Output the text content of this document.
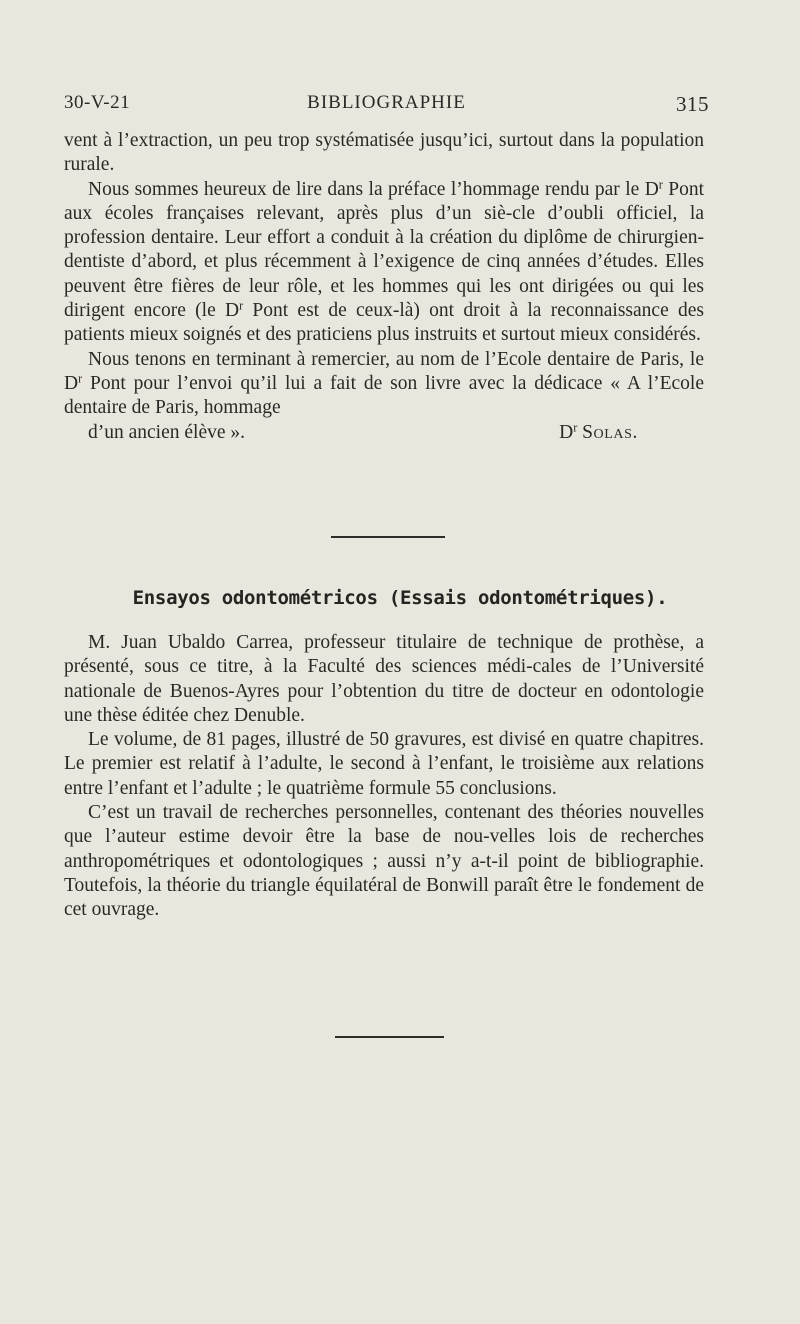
30-V-21	BIBLIOGRAPHIE	315

vent à l’extraction, un peu trop systématisée jusqu’ici, surtout dans la population rurale.

Nous sommes heureux de lire dans la préface l’hommage rendu par le $D^r$ Pont aux écoles françaises relevant, après plus d’un siè-cle d’oubli officiel, la profession dentaire. Leur effort a conduit à la création du diplôme de chirurgien-dentiste d’abord, et plus récemment à l’exigence de cinq années d’études. Elles peuvent être fières de leur rôle, et les hommes qui les ont dirigées ou qui les dirigent encore (le $D^r$ Pont est de ceux-là) ont droit à la reconnaissance des patients mieux soignés et des praticiens plus instruits et surtout mieux considérés.

Nous tenons en terminant à remercier, au nom de l’Ecole dentaire de Paris, le $D^r$ Pont pour l’envoi qu’il lui a fait de son livre avec la dédicace « A l’Ecole dentaire de Paris, hommage

d’un ancien élève ».	$D^r$ Solas.

Ensayos odontométricos (Essais odontométriques).

M. Juan Ubaldo Carrea, professeur titulaire de technique de prothèse, a présenté, sous ce titre, à la Faculté des sciences médi-cales de l’Université nationale de Buenos-Ayres pour l’obtention du titre de docteur en odontologie une thèse éditée chez Denuble.

Le volume, de 81 pages, illustré de 50 gravures, est divisé en quatre chapitres. Le premier est relatif à l’adulte, le second à l’enfant, le troisième aux relations entre l’enfant et l’adulte ; le quatrième formule 55 conclusions.

C’est un travail de recherches personnelles, contenant des théories nouvelles que l’auteur estime devoir être la base de nou-velles lois de recherches anthropométriques et odontologiques ; aussi n’y a-t-il point de bibliographie. Toutefois, la théorie du triangle équilatéral de Bonwill paraît être le fondement de cet ouvrage.
